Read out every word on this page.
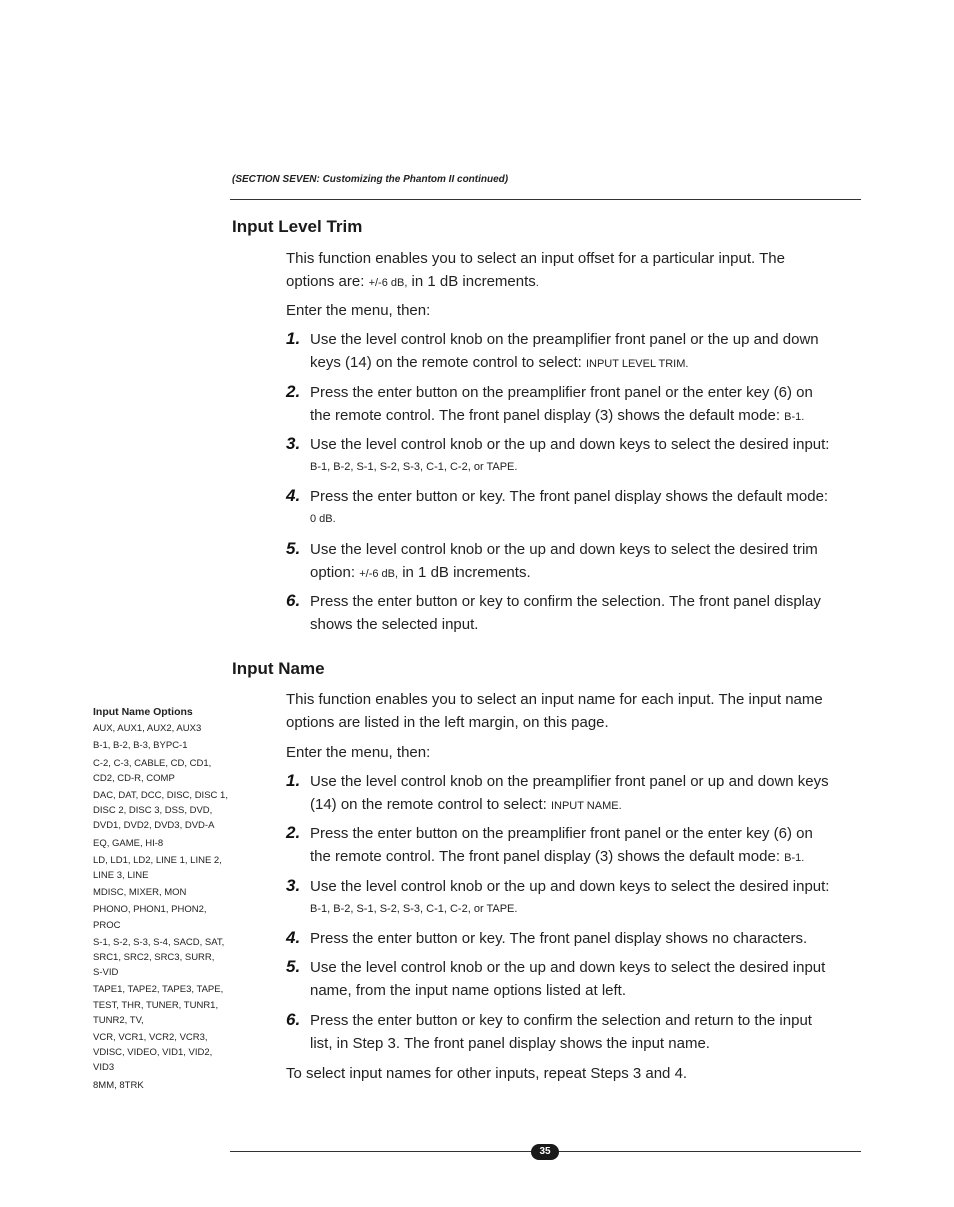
(SECTION SEVEN: Customizing the Phantom II continued)
Input Level Trim
This function enables you to select an input offset for a particular input. The
options are: +/-6 dB, in 1 dB increments.
Enter the menu, then:
1. Use the level control knob on the preamplifier front panel or the up and down
keys (14) on the remote control to select: INPUT LEVEL TRIM.
2. Press the enter button on the preamplifier front panel or the enter key (6) on
the remote control. The front panel display (3) shows the default mode: B-1.
3. Use the level control knob or the up and down keys to select the desired input:
B-1, B-2, S-1, S-2, S-3, C-1, C-2, or TAPE.
4. Press the enter button or key. The front panel display shows the default mode:
0 dB.
5. Use the level control knob or the up and down keys to select the desired trim
option: +/-6 dB, in 1 dB increments.
6. Press the enter button or key to confirm the selection. The front panel display
shows the selected input.
Input Name
This function enables you to select an input name for each input. The input name
options are listed in the left margin, on this page.
Enter the menu, then:
1. Use the level control knob on the preamplifier front panel or up and down keys
(14) on the remote control to select: INPUT NAME.
2. Press the enter button on the preamplifier front panel or the enter key (6) on
the remote control. The front panel display (3) shows the default mode: B-1.
3. Use the level control knob or the up and down keys to select the desired input:
B-1, B-2, S-1, S-2, S-3, C-1, C-2, or TAPE.
4. Press the enter button or key. The front panel display shows no characters.
5. Use the level control knob or the up and down keys to select the desired input
name, from the input name options listed at left.
6. Press the enter button or key to confirm the selection and return to the input
list, in Step 3. The front panel display shows the input name.
To select input names for other inputs, repeat Steps 3 and 4.
Input Name Options
AUX, AUX1, AUX2, AUX3
B-1, B-2, B-3, BYPC-1
C-2, C-3, CABLE, CD, CD1,
CD2, CD-R, COMP
DAC, DAT, DCC, DISC, DISC 1,
DISC 2, DISC 3, DSS, DVD,
DVD1, DVD2, DVD3, DVD-A
EQ, GAME, HI-8
LD, LD1, LD2, LINE 1, LINE 2,
LINE 3, LINE
MDISC, MIXER, MON
PHONO, PHON1, PHON2,
PROC
S-1, S-2, S-3, S-4, SACD, SAT,
SRC1, SRC2, SRC3, SURR,
S-VID
TAPE1, TAPE2, TAPE3, TAPE,
TEST, THR, TUNER, TUNR1,
TUNR2, TV,
VCR, VCR1, VCR2, VCR3,
VDISC, VIDEO, VID1, VID2,
VID3
8MM, 8TRK
35
